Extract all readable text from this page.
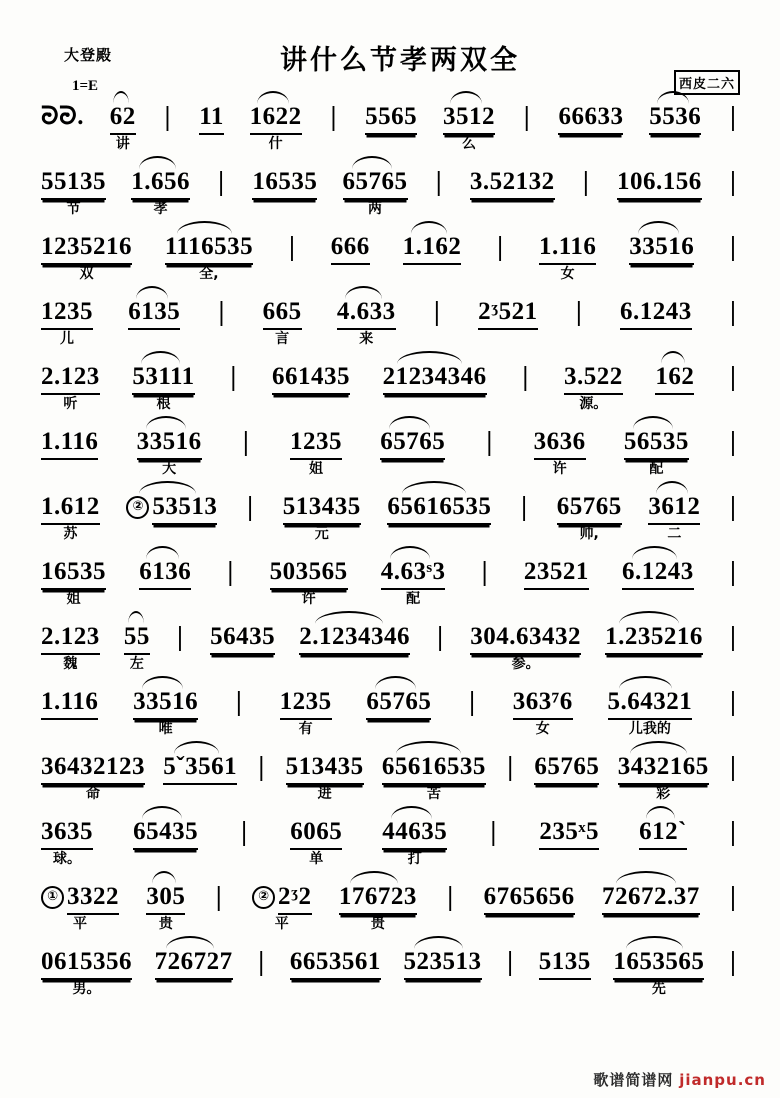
大登殿	讲什么节孝两双全
西皮二六
1=E
ᘒᘒ. 62
讲
| 11 1622
什
| 5565 3512
么
| 66633 5536 |
55135
节
1.656
孝
| 16535 65765
两
| 3.52132 | 106.156 |
1235216
双
1116535
全,
| 666 1.162 | 1.116
女
33516 |
1235
儿
6135 | 665
言
4.633
来
| 2ᶾ521 | 6.1243 |
2.123
听
53111
根
| 661435 21234346 | 3.522
源。
162 |
1.116 33516
大
| 1235
姐
65765 | 3636
许
56535
配
|
1.612
苏
② 53513 | 513435
元
65616535 | 65765
帅,
3612
二
|
16535
姐
6136 | 503565
许
4.63ˢ3
配
| 23521 6.1243 |
2.123
魏
55
左
| 56435 2.1234346 | 304.63432
参。
1.235216 |
1.116 33516
唯
| 1235
有
65765 | 363⁷6
女
5.64321
儿我的
|
36432123
命
5ˇ3561 | 513435
进
65616535
苦
| 65765 3432165
彩
|
3635
球。
65435 | 6065
单
44635
打
| 235ˣ5 612` |
① 3322
平
305
贵
|	② 2ᶾ2
平
176723
贵
| 6765656 72672.37 |
0615356
男。
726727 | 6653561 523513 | 5135 1653565
先
|
歌谱简谱网 jianpu.cn
